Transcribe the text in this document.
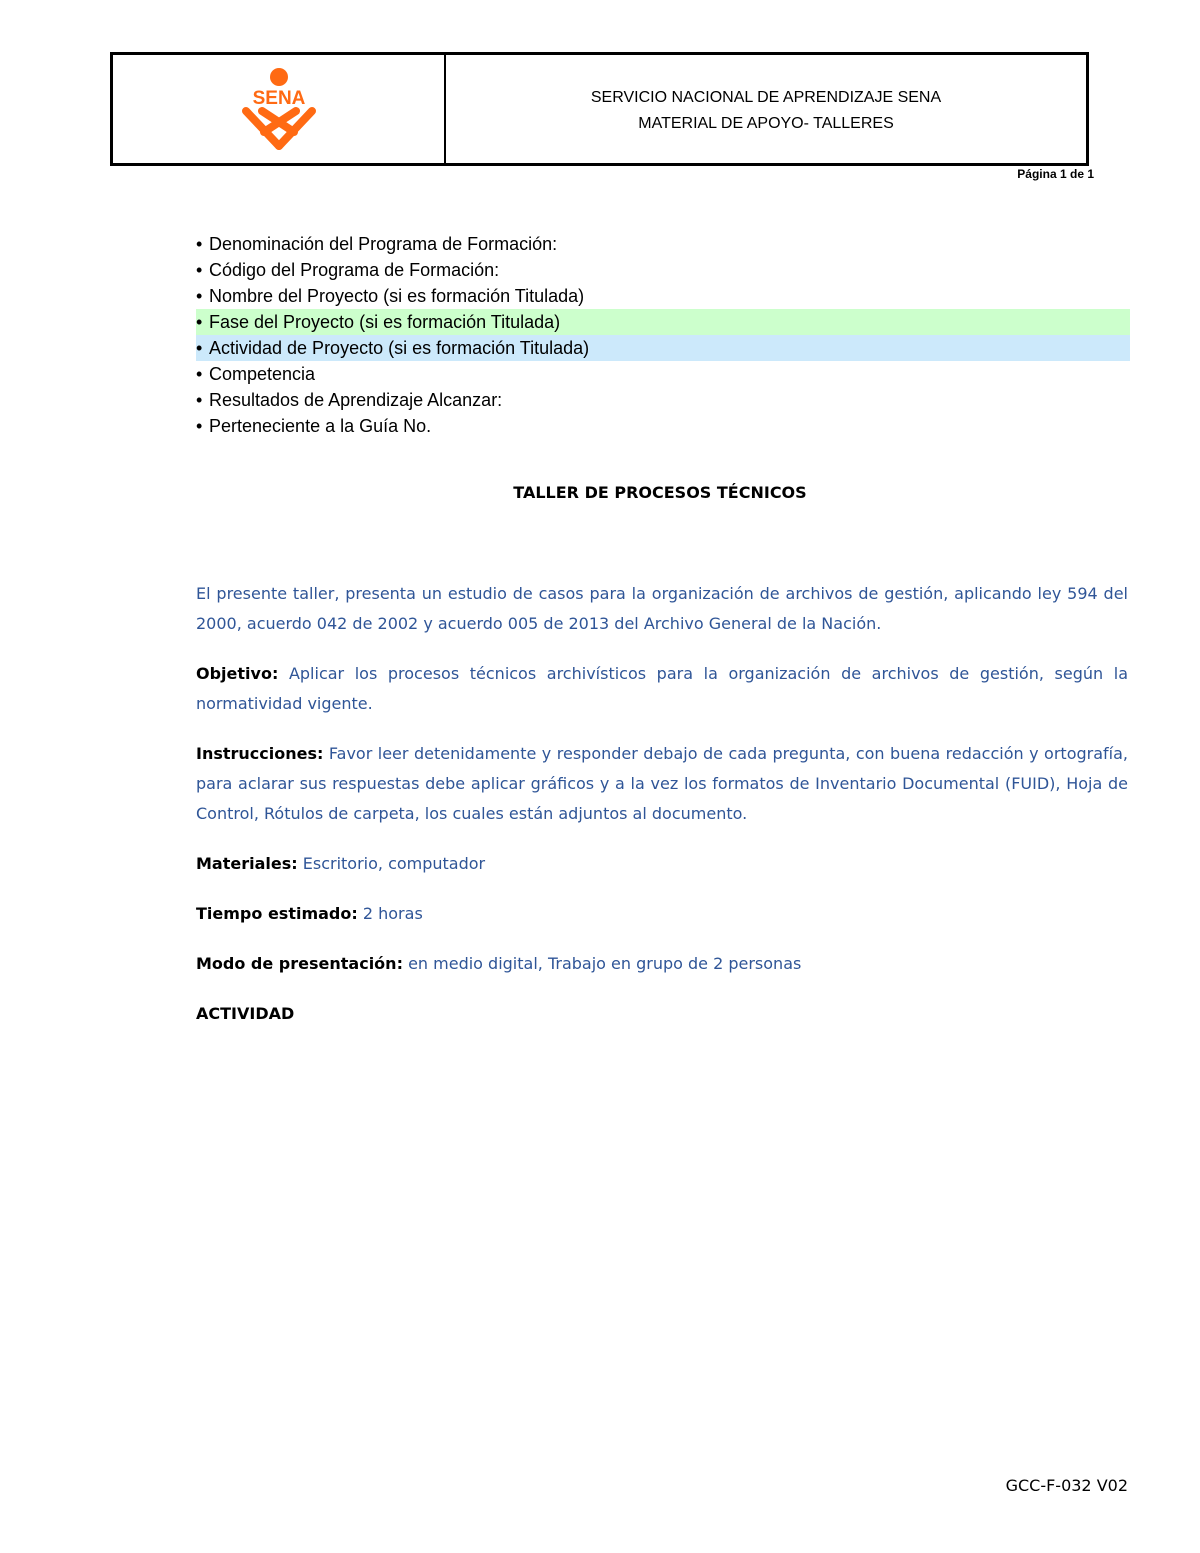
SENA	SERVICIO NACIONAL DE APRENDIZAJE SENA
MATERIAL DE APOYO- TALLERES
Página 1 de 1
• Denominación del Programa de Formación:
• Código del Programa de Formación:
• Nombre del Proyecto (si es formación Titulada)
• Fase del Proyecto (si es formación Titulada)
• Actividad de Proyecto (si es formación Titulada)
• Competencia
• Resultados de Aprendizaje Alcanzar:
• Perteneciente a la Guía No.
TALLER DE PROCESOS TÉCNICOS

El presente taller, presenta un estudio de casos para la organización de archivos de gestión, aplicando ley 594 del 2000, acuerdo 042 de 2002 y acuerdo 005 de 2013 del Archivo General de la Nación.

Objetivo: Aplicar los procesos técnicos archivísticos para la organización de archivos de gestión, según la normatividad vigente.

Instrucciones: Favor leer detenidamente y responder debajo de cada pregunta, con buena redacción y ortografía, para aclarar sus respuestas debe aplicar gráficos y a la vez los formatos de Inventario Documental (FUID), Hoja de Control, Rótulos de carpeta, los cuales están adjuntos al documento.

Materiales: Escritorio, computador

Tiempo estimado: 2 horas

Modo de presentación: en medio digital, Trabajo en grupo de 2 personas

ACTIVIDAD

GCC-F-032 V02
